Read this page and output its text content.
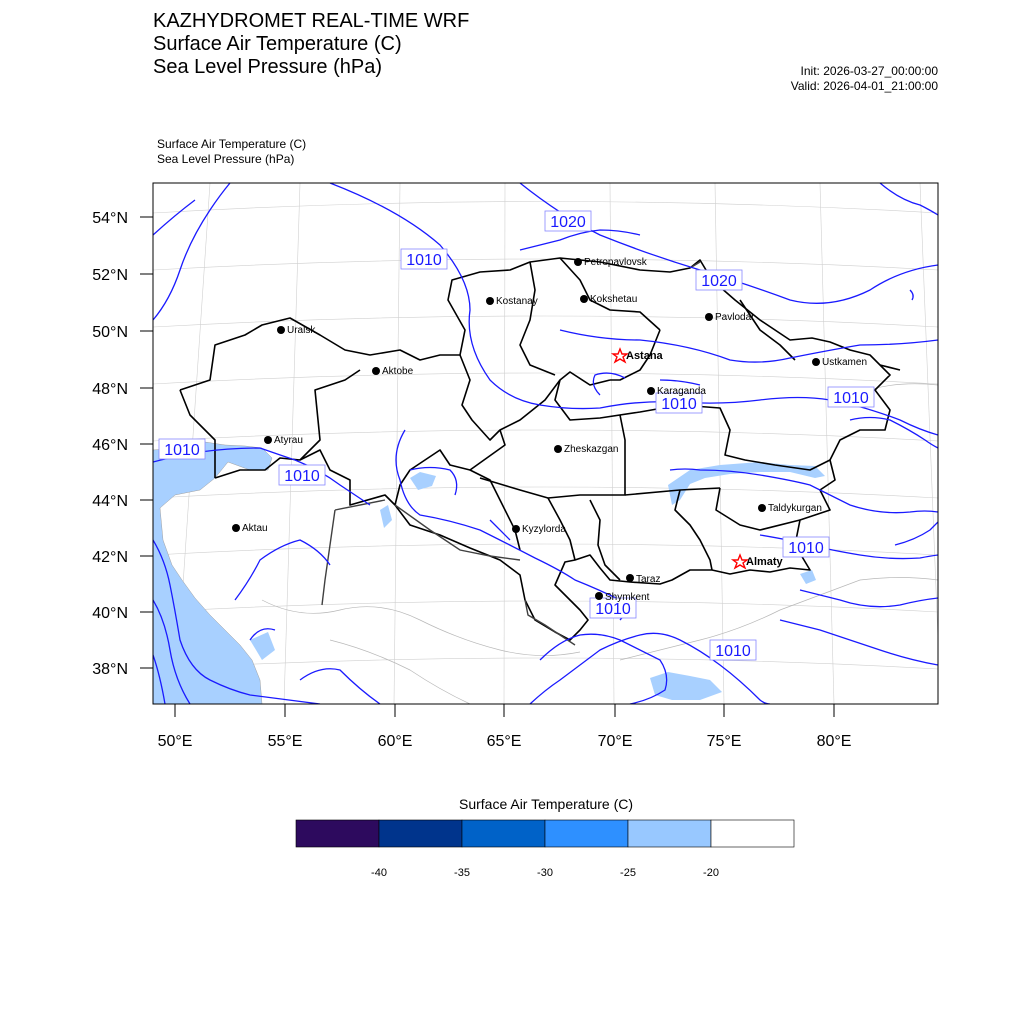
KAZHYDROMET REAL-TIME WRF
Surface Air Temperature (C)
Sea Level Pressure (hPa)	Init: 2026-03-27_00:00:00
Valid: 2026-04-01_21:00:00
Surface Air Temperature (C)
Sea Level Pressure (hPa)
1020
1010
1020
1010	1010
1010
1010
1010
1010
1010
Petropavlovsk
Kostanay	Kokshetau
Pavlodar
Uralsk
Astana
Aktobe
Ustkamen
Karaganda
Atyrau
Zheskazgan
Aktau	Kyzylorda
Taldykurgan
Almaty
Taraz
Shymkent
54°N
52°N
50°N
48°N
46°N
44°N
42°N
40°N
38°N
50°E	55°E	60°E	65°E	70°E	75°E	80°E
Surface Air Temperature (C)
-40	-35	-30	-25	-20
